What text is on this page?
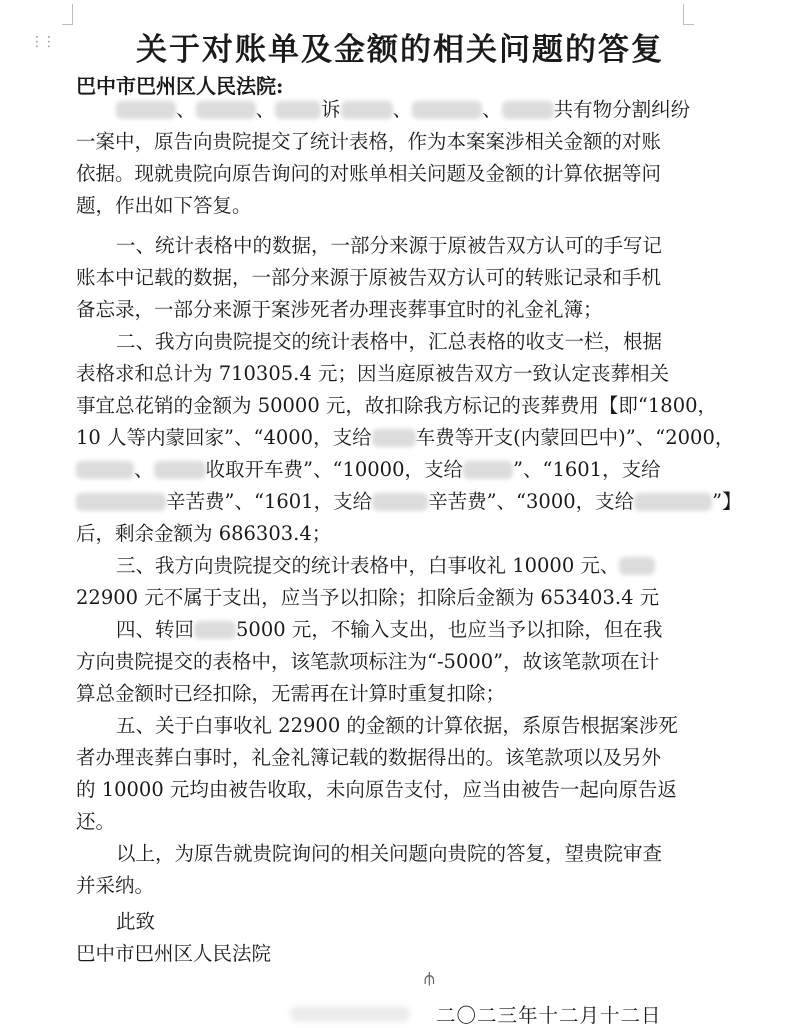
⋮⋮	关于对账单及金额的相关问题的答复
巴中市巴州区人民法院:
、	、 诉	、	、	共有物分割纠纷
一案中，原告向贵院提交了统计表格，作为本案案涉相关金额的对账
依据。现就贵院向原告询问的对账单相关问题及金额的计算依据等问
题，作出如下答复。
一、统计表格中的数据，一部分来源于原被告双方认可的手写记
账本中记载的数据，一部分来源于原被告双方认可的转账记录和手机
备忘录，一部分来源于案涉死者办理丧葬事宜时的礼金礼簿；
二、我方向贵院提交的统计表格中，汇总表格的收支一栏，根据
表格求和总计为 710305.4 元；因当庭原被告双方一致认定丧葬相关
事宜总花销的金额为 50000 元，故扣除我方标记的丧葬费用【即“1800，
10 人等内蒙回家”、“4000，支给 车费等开支(内蒙回巴中)”、“2000，
、	收取开车费”、“10000，支给	”、“1601，支给
辛苦费”、“1601，支给	辛苦费”、“3000，支给	”】
后，剩余金额为 686303.4；
三、我方向贵院提交的统计表格中，白事收礼 10000 元、
22900 元不属于支出，应当予以扣除；扣除后金额为 653403.4 元
四、转回 5000 元，不输入支出，也应当予以扣除，但在我
方向贵院提交的表格中，该笔款项标注为“-5000”，故该笔款项在计
算总金额时已经扣除，无需再在计算时重复扣除；
五、关于白事收礼 22900 的金额的计算依据，系原告根据案涉死
者办理丧葬白事时，礼金礼簿记载的数据得出的。该笔款项以及另外
的 10000 元均由被告收取，未向原告支付，应当由被告一起向原告返
还。
以上，为原告就贵院询问的相关问题向贵院的答复，望贵院审查
并采纳。
此致
巴中市巴州区人民法院
⫛
二〇二三年十二月十二日
